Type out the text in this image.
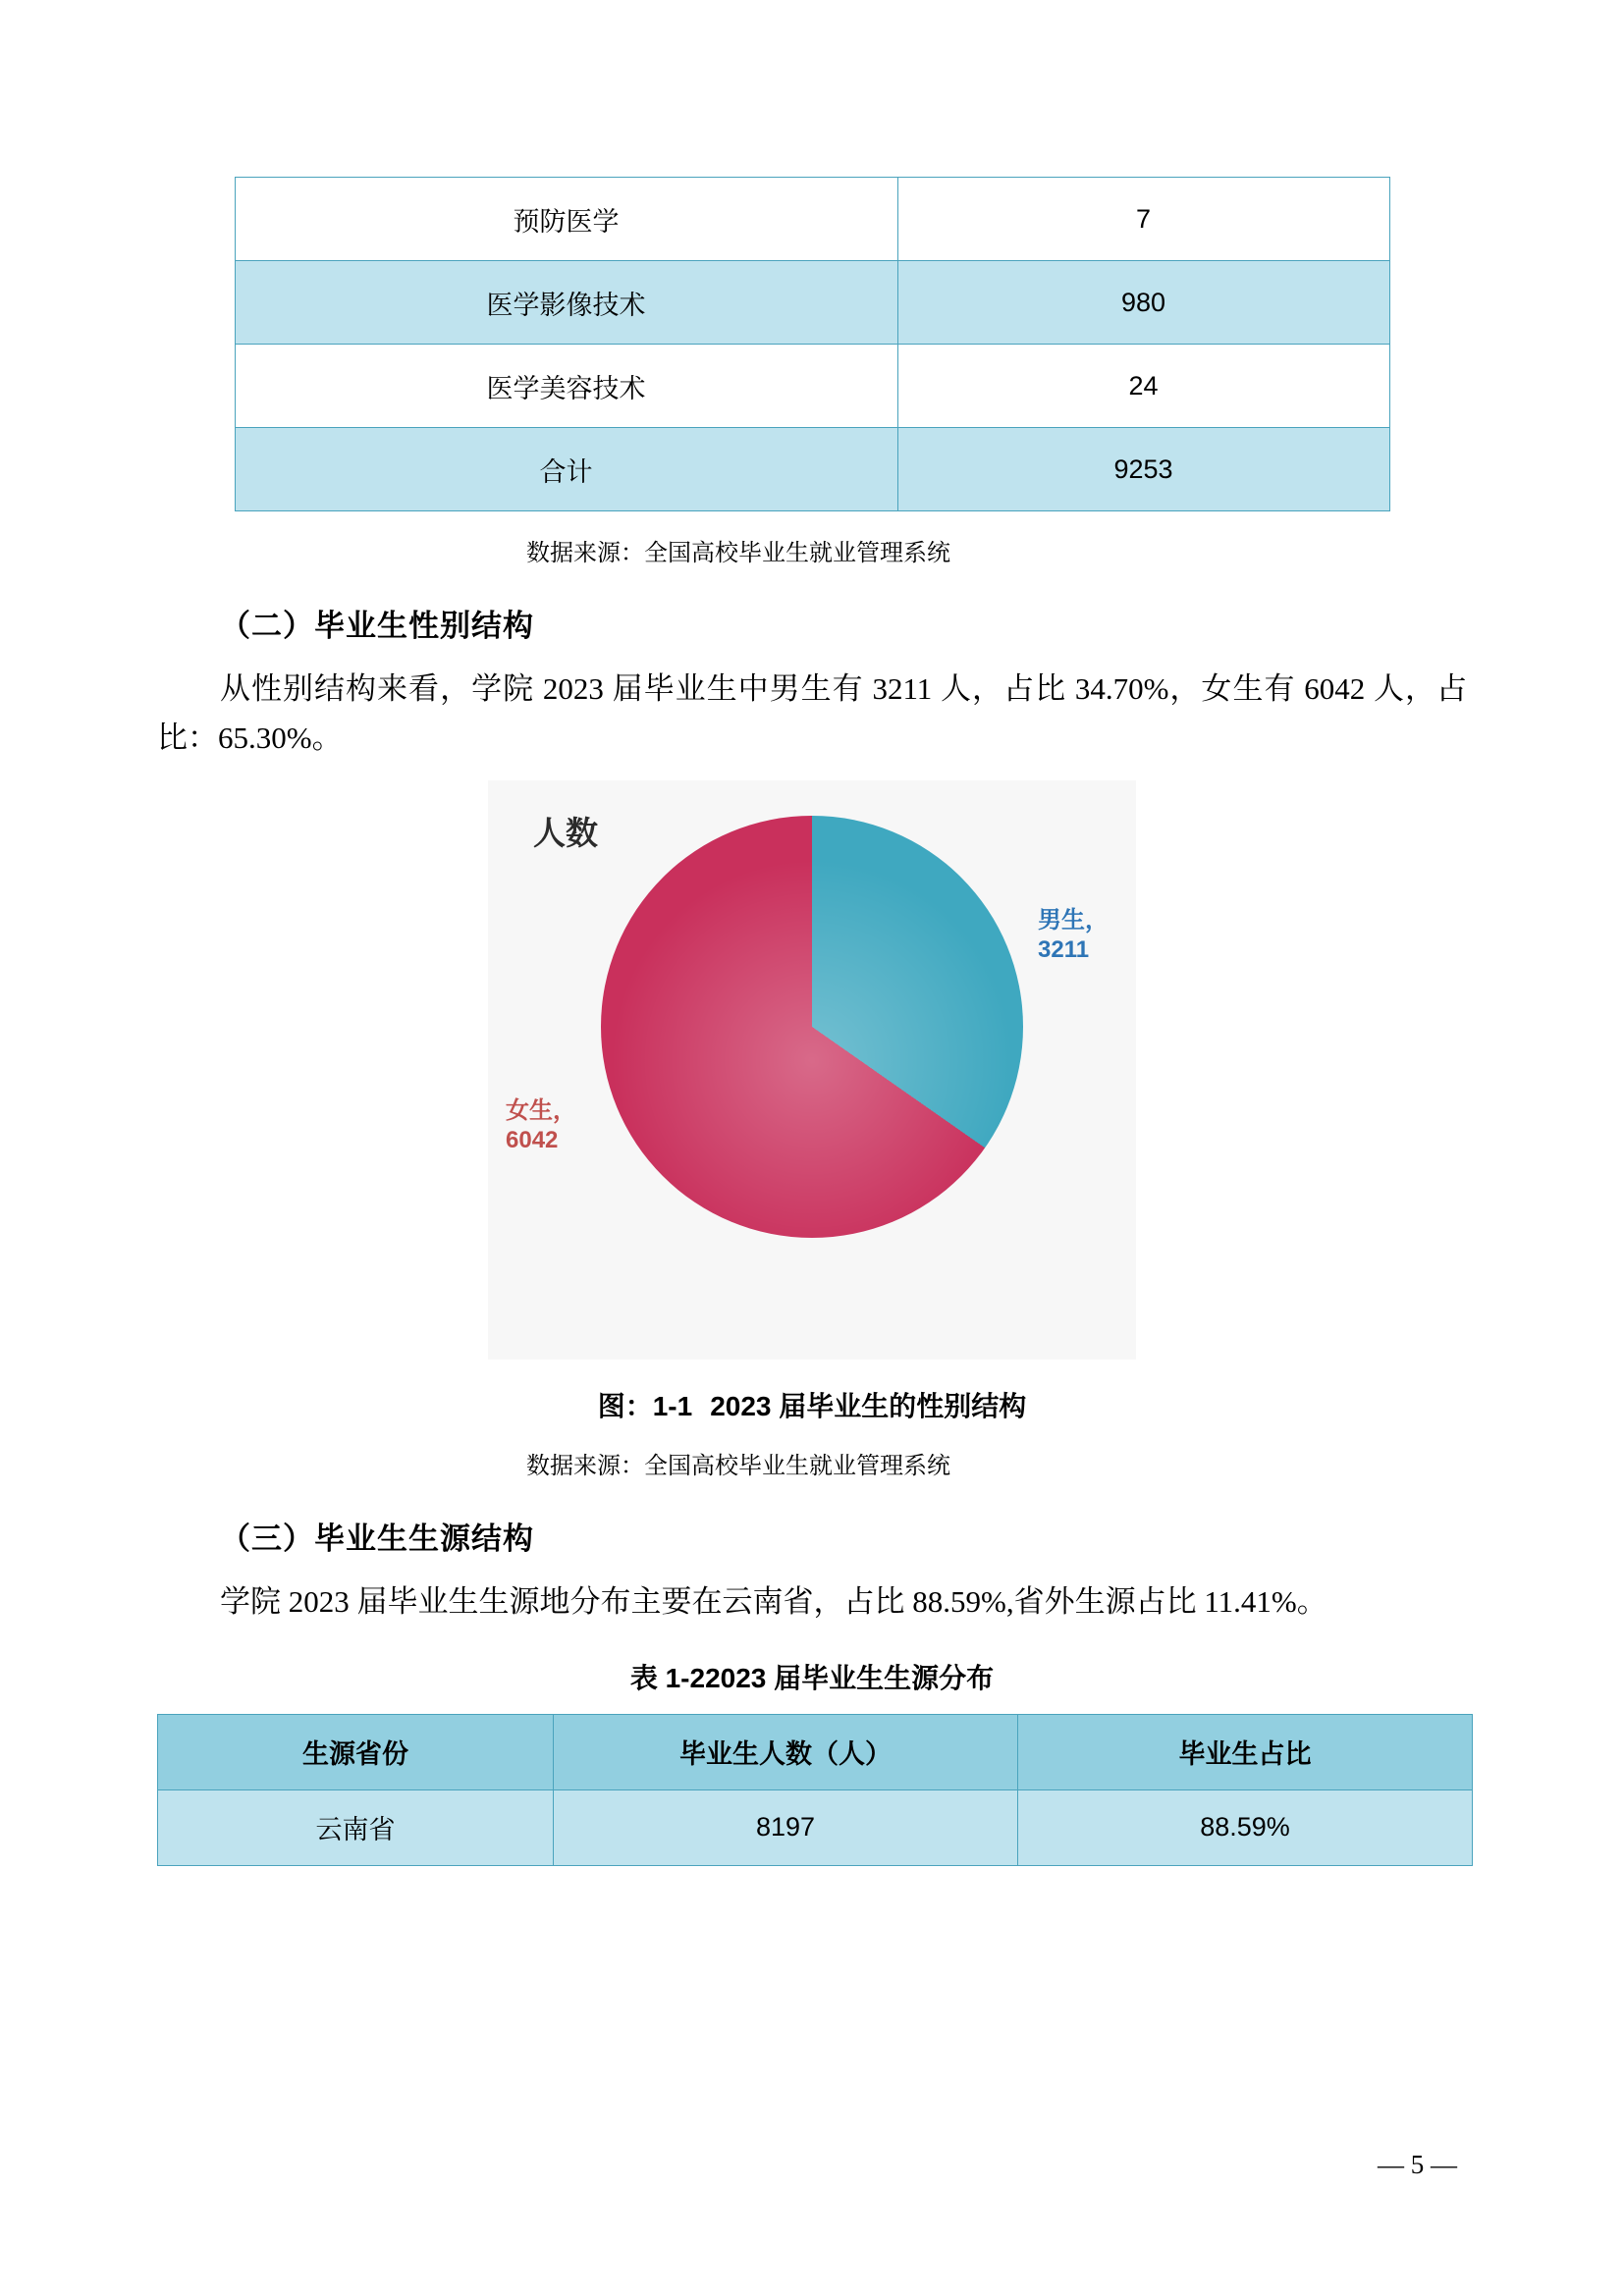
预防医学	7
医学影像技术	980
医学美容技术	24
合计	9253
数据来源：全国高校毕业生就业管理系统
（二）毕业生性别结构
从性别结构来看，学院 2023 届毕业生中男生有 3211 人，占比 34.70%，女生有 6042 人，占比：65.30%。
人数
男生，
3211
女生，
6042
图：1-1 2023 届毕业生的性别结构
数据来源：全国高校毕业生就业管理系统
（三）毕业生生源结构
学院 2023 届毕业生生源地分布主要在云南省，占比 88.59%,省外生源占比 11.41%。
表 1-22023 届毕业生生源分布
生源省份	毕业生人数（人）	毕业生占比
云南省	8197	88.59%
— 5 —
